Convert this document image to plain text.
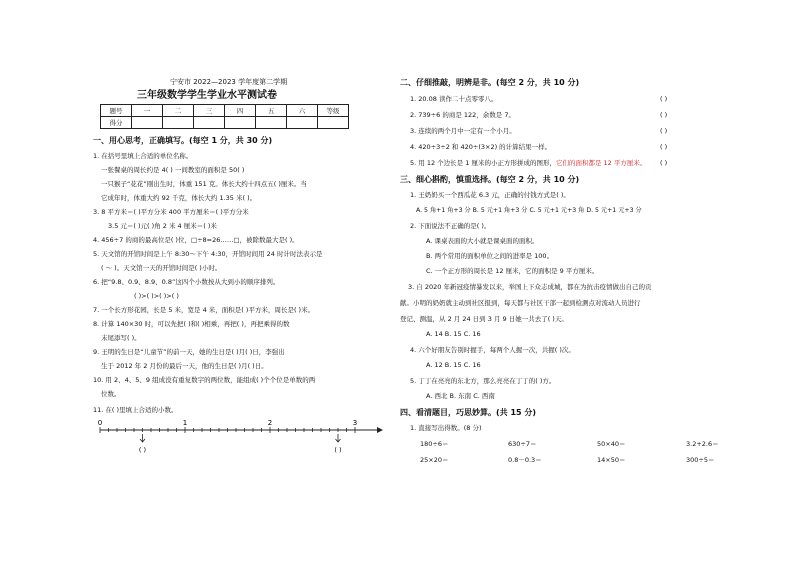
宁安市 2022—2023 学年度第二学期
三年级数学学生学业水平测试卷
题号	一	二	三	四	五	六	等级
得分							
一、用心思考，正确填写。(每空 1 分，共 30 分)
1. 在括号里填上合适的单位名称。
一张餐桌的周长约是 4( ) 一间教室的面积是 50( )
一只猴子“花花”刚出生时，体重 151 克。体长大约十四点五( )厘米。当
它成年时，体重大约 92 千克，体长大约 1.35 米( )。
3. 8 平方米＝( )平方分米 400 平方厘米＝( )平方分米
3.5 元＝( )元( )角 2 米 4 厘米＝( )米
4. 456÷7 的商的最高位是( )位，□÷8=26……□，被除数最大是( )。
5. 天文馆的开馆时间是上午 8:30～下午 4:30，开馆时间用 24 时计时法表示是
( ～ )。天文馆一天的开馆时间是( )小时。
6. 把“9.8、0.9、8.9、0.8”这四个小数按从大到小的顺序排列。
( )>( )>( )>( )
7. 一个长方形花园，长是 5 米，宽是 4 米，面积是( )平方米，周长是( )米。
8. 计算 140×30 时，可以先把( )和( )相乘，再把( )，再把乘得的数
末尾添写( )。
9. 王明的生日是“儿童节”的前一天，她的生日是( )月( )日，李强出
生于 2012 年 2 月份的最后一天，他的生日是( )月( )日。
10. 用 2、4、5、9 组成没有重复数字的两位数，能组成( )个个位是单数的两
位数。
11. 在( )里填上合适的小数。
0	1	2	3
( )	( )
二、仔细推敲，明辨是非。(每空 2 分，共 10 分)
1. 20.08 读作二十点零零八。	( )
2. 739÷6 的商是 122，余数是 7。	( )
3. 连续的两个月中一定有一个小月。	( )
4. 420÷3÷2 和 420÷(3×2) 的计算结果一样。	( )
5. 用 12 个边长是 1 厘米的小正方形拼成的图形，它们的面积都是 12 平方厘米。 ( )
三、细心斟酌，慎重选择。(每空 2 分，共 10 分)
1. 王奶奶买一个西瓜花 6.3 元，正确的付钱方式是( )。
A. 5 角+1 角+3 分 B. 5 元+1 角+3 分 C. 5 元+1 元+3 角 D. 5 元+1 元+3 分
2. 下面说法不正确的是( )。
A. 课桌表面的大小就是课桌面的面积。
B. 两个常用的面积单位之间的进率是 100。
C. 一个正方形的周长是 12 厘米，它的面积是 9 平方厘米。
3. 自 2020 年新冠疫情暴发以来，举国上下众志成城，都在为抗击疫情做出自己的贡
献。小明的奶奶就主动到社区报到，每天都与社区干部一起到检测点对流动人员进行
登记、测温，从 2 月 24 日到 3 月 9 日她一共去了( )天。
A. 14 B. 15 C. 16
4. 六个好朋友告别时握手，每两个人握一次，共握( )次。
A. 12 B. 15 C. 16
5. 丁丁在亮亮的东北方，那么亮亮在丁丁的( )方。
A. 西北 B. 东南 C. 西南
四、看清题目，巧思妙算。(共 15 分)
1. 直接写出得数。(8 分)
180÷6＝	630÷7＝	50×40＝	3.2+2.6＝
25×20＝	0.8－0.3＝	14×50＝	300÷5＝
